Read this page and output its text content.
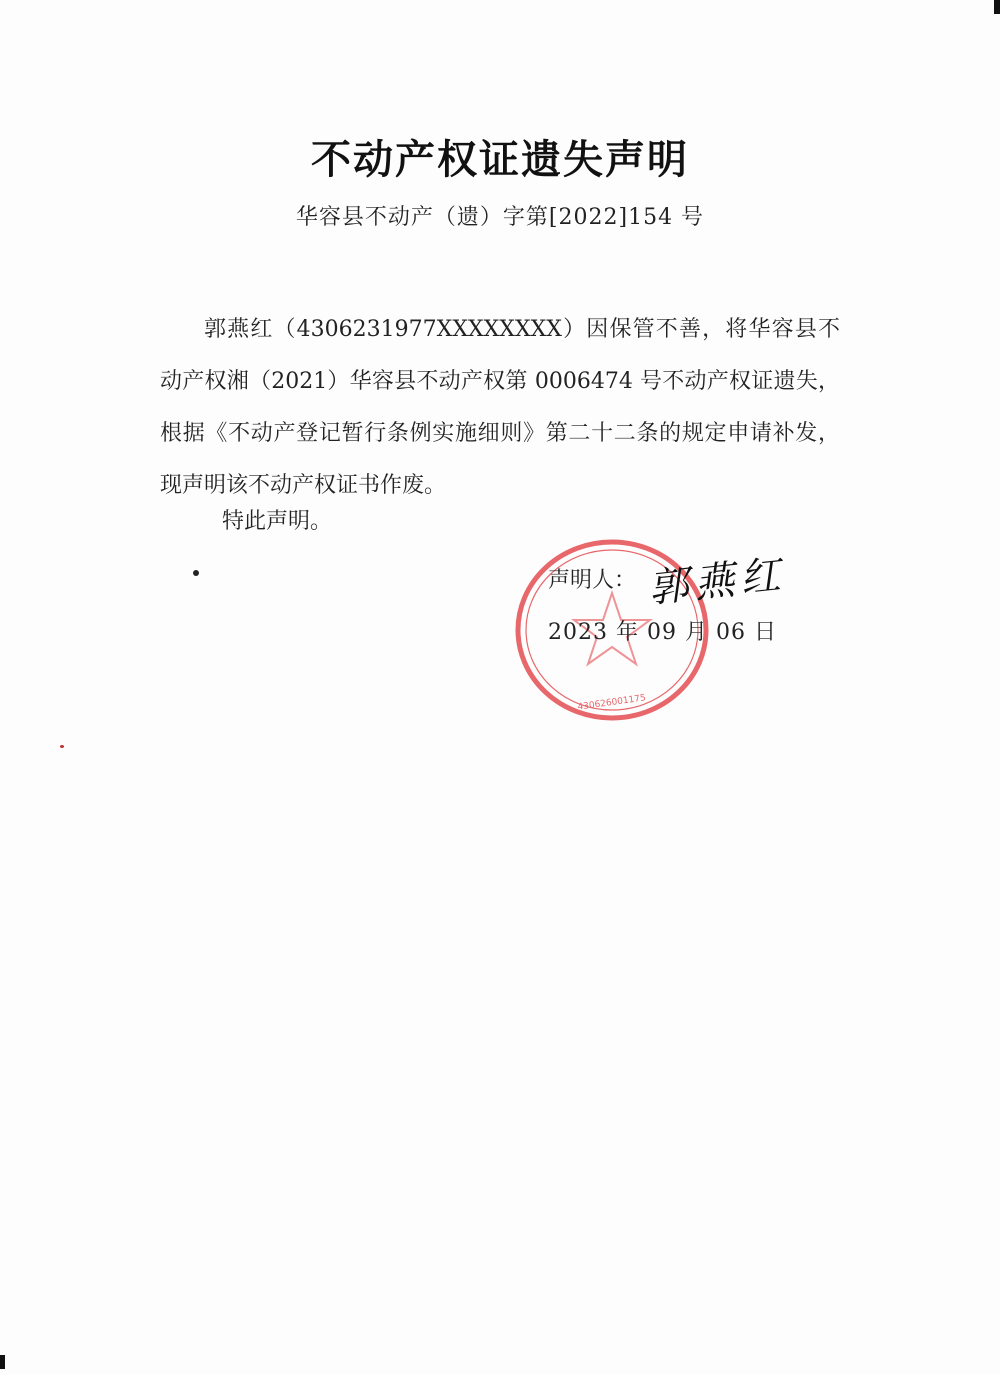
不动产权证遗失声明
华容县不动产（遗）字第[2022]154 号

郭燕红（4306231977XXXXXXXX）因保管不善，将华容县不动产权湘（2021）华容县不动产权第 0006474 号不动产权证遗失，根据《不动产登记暂行条例实施细则》第二十二条的规定申请补发，现声明该不动产权证书作废。

特此声明。
430626001175
声明人： 郭燕红
2023 年 09 月 06 日
